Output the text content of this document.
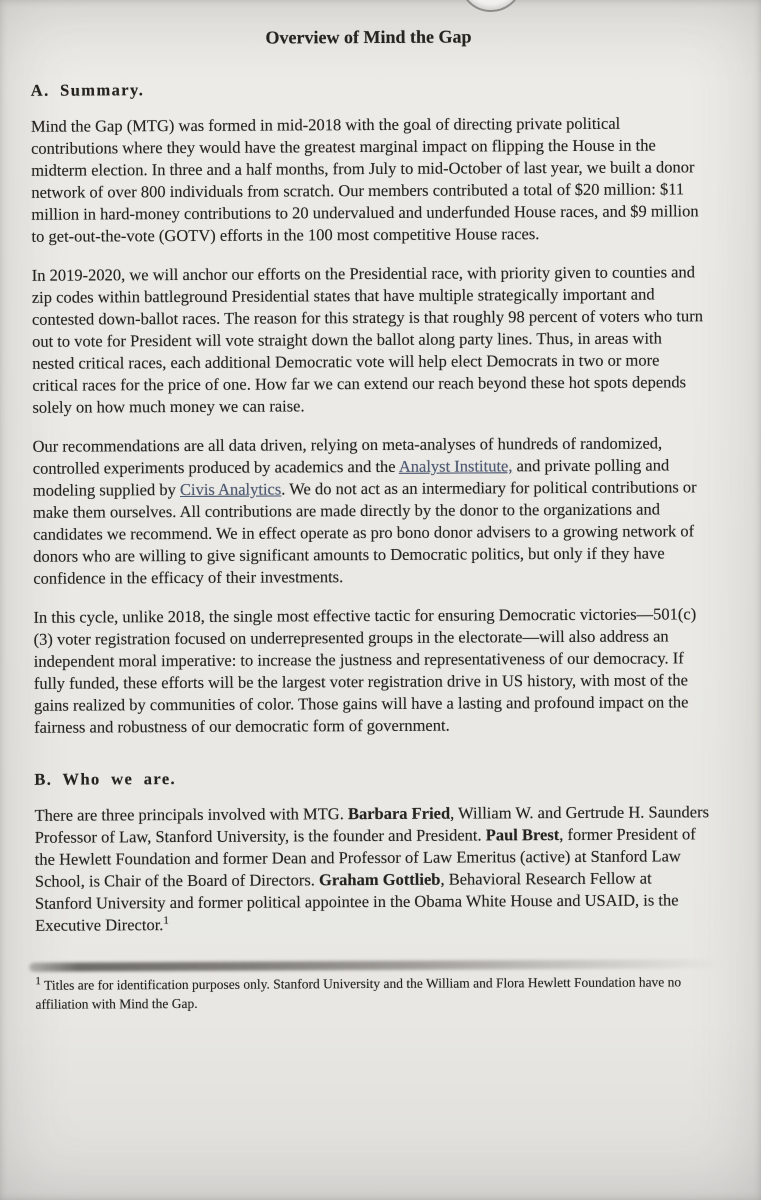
Overview of Mind the Gap
A. Summary.

Mind the Gap (MTG) was formed in mid-2018 with the goal of directing private political contributions where they would have the greatest marginal impact on flipping the House in the midterm election. In three and a half months, from July to mid-October of last year, we built a donor network of over 800 individuals from scratch. Our members contributed a total of $20 million: $11 million in hard-money contributions to 20 undervalued and underfunded House races, and $9 million to get-out-the-vote (GOTV) efforts in the 100 most competitive House races.

In 2019-2020, we will anchor our efforts on the Presidential race, with priority given to counties and zip codes within battleground Presidential states that have multiple strategically important and contested down-ballot races. The reason for this strategy is that roughly 98 percent of voters who turn out to vote for President will vote straight down the ballot along party lines. Thus, in areas with nested critical races, each additional Democratic vote will help elect Democrats in two or more critical races for the price of one. How far we can extend our reach beyond these hot spots depends solely on how much money we can raise.

Our recommendations are all data driven, relying on meta-analyses of hundreds of randomized, controlled experiments produced by academics and the Analyst Institute, and private polling and modeling supplied by Civis Analytics. We do not act as an intermediary for political contributions or make them ourselves. All contributions are made directly by the donor to the organizations and candidates we recommend. We in effect operate as pro bono donor advisers to a growing network of donors who are willing to give significant amounts to Democratic politics, but only if they have confidence in the efficacy of their investments.

In this cycle, unlike 2018, the single most effective tactic for ensuring Democratic victories—501(c)(3) voter registration focused on underrepresented groups in the electorate—will also address an independent moral imperative: to increase the justness and representativeness of our democracy. If fully funded, these efforts will be the largest voter registration drive in US history, with most of the gains realized by communities of color. Those gains will have a lasting and profound impact on the fairness and robustness of our democratic form of government.

B. Who we are.

There are three principals involved with MTG. Barbara Fried, William W. and Gertrude H. Saunders Professor of Law, Stanford University, is the founder and President. Paul Brest, former President of the Hewlett Foundation and former Dean and Professor of Law Emeritus (active) at Stanford Law School, is Chair of the Board of Directors. Graham Gottlieb, Behavioral Research Fellow at Stanford University and former political appointee in the Obama White House and USAID, is the Executive Director.$^1$

$^1$ Titles are for identification purposes only. Stanford University and the William and Flora Hewlett Foundation have no affiliation with Mind the Gap.
